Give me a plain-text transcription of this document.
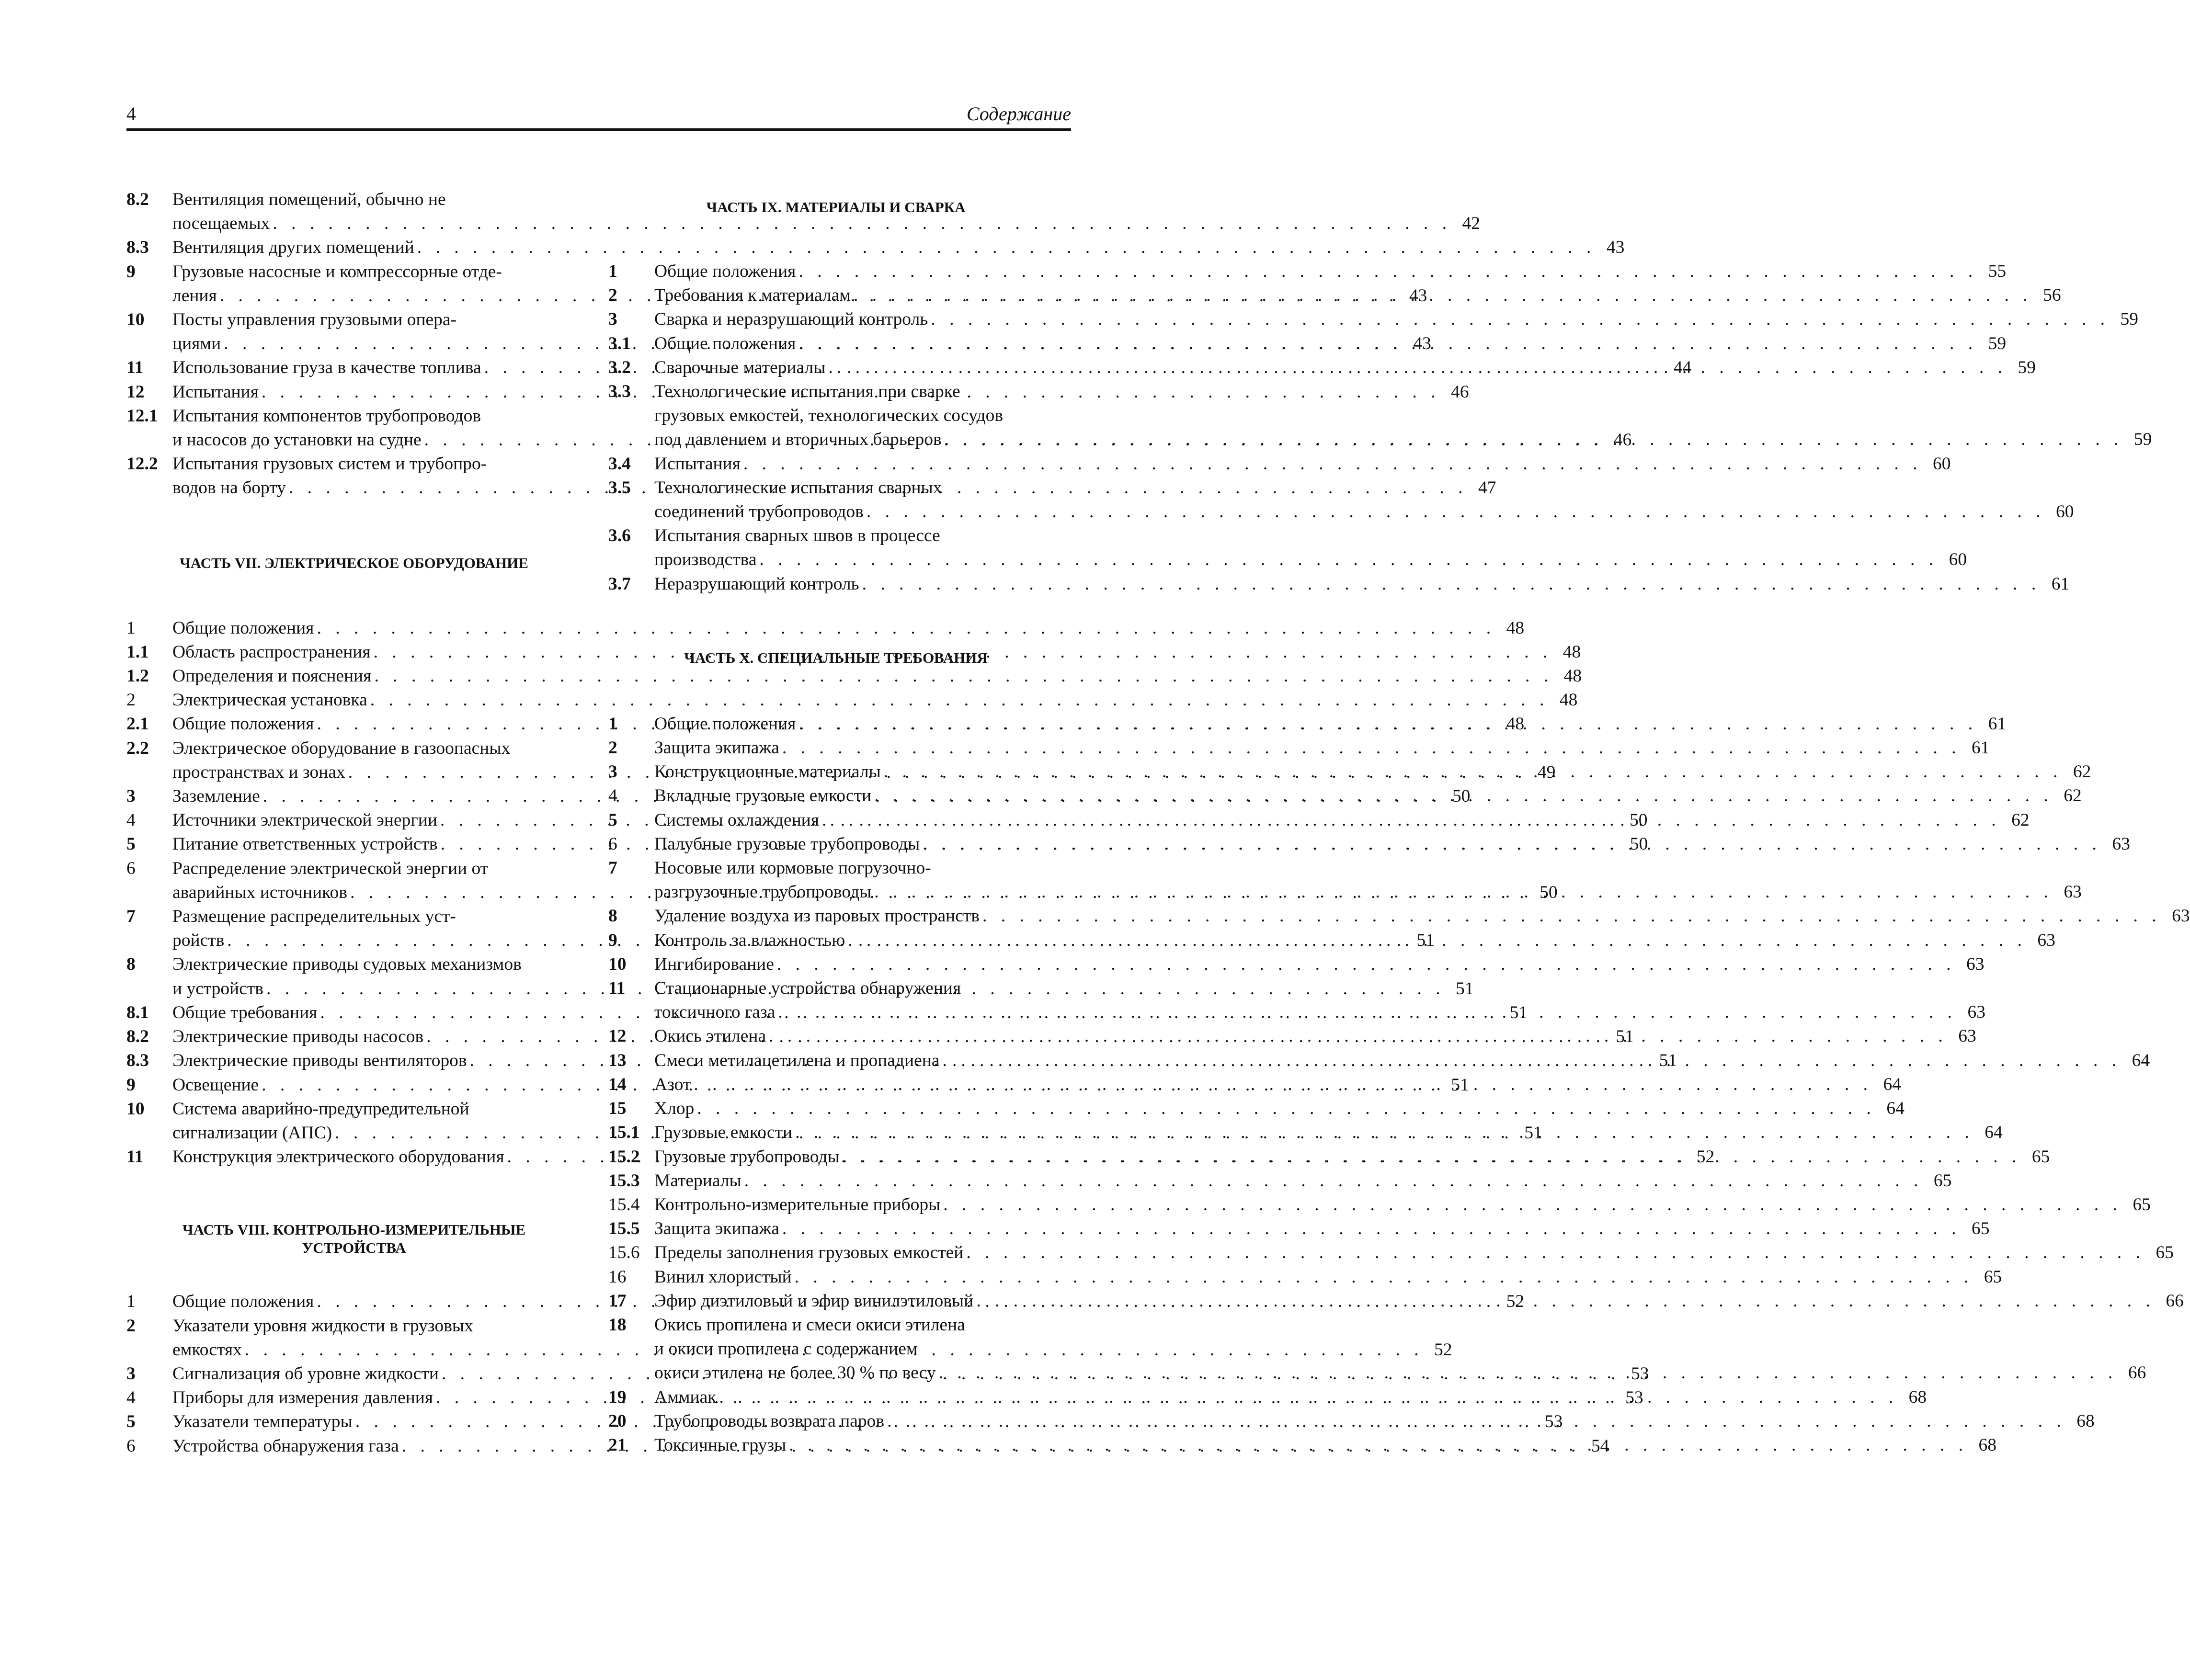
4	Содержание
8.2	Вентиляция помещений, обычно не
посещаемых . . .	42
8.3	Вентиляция других помещений . . .	43
9	Грузовые насосные и компрессорные отде-
ления . . .	43
10	Посты управления грузовыми опера-
циями . . .	43
11	Использование груза в качестве топлива . . .	44
12	Испытания . . .	46
12.1 Испытания компонентов трубопроводов
и насосов до установки на судне . . .	46
12.2 Испытания грузовых систем и трубопро-
водов на борту . . .	47

ЧАСТЬ VII. ЭЛЕКТРИЧЕСКОЕ ОБОРУДОВАНИЕ

1	Общие положения . . .	48
1.1	Область распространения . . .	48
1.2	Определения и пояснения . . .	48
2	Электрическая установка . . .	48
2.1	Общие положения . . .	48
2.2	Электрическое оборудование в газоопасных
пространствах и зонах . . .	49
3	Заземление . . .	50
4	Источники электрической энергии . . .	50
5	Питание ответственных устройств . . .	50
6	Распределение электрической энергии от
аварийных источников . . .	50
7	Размещение распределительных уст-
ройств . . .	51
8	Электрические приводы судовых механизмов
и устройств . . .	51
8.1	Общие требования . . .	51
8.2	Электрические приводы насосов . . .	51
8.3	Электрические приводы вентиляторов . . .	51
9	Освещение . . .	51
10	Система аварийно-предупредительной
сигнализации (АПС) . . .	51
11	Конструкция электрического оборудования . . .	52

ЧАСТЬ VIII. КОНТРОЛЬНО-ИЗМЕРИТЕЛЬНЫЕ

УСТРОЙСТВА

1	Общие положения . . .	52
2	Указатели уровня жидкости в грузовых
емкостях . . .	52
3	Сигнализация об уровне жидкости . . .	53
4	Приборы для измерения давления . . .	53
5	Указатели температуры . . .	53
6	Устройства обнаружения газа . . .	54

ЧАСТЬ IX. МАТЕРИАЛЫ И СВАРКА

1	Общие положения . . .	55
2	Требования к материалам . . .	56
3	Сварка и неразрушающий контроль . . .	59
3.1	Общие положения . . .	59
3.2	Сварочные материалы . . .	59
3.3	Технологические испытания при сварке
грузовых емкостей, технологических сосудов
под давлением и вторичных барьеров . . .	59
3.4	Испытания . . .	60
3.5	Технологические испытания сварных
соединений трубопроводов . . .	60
3.6	Испытания сварных швов в процессе
производства . . .	60
3.7	Неразрушающий контроль . . .	61

ЧАСТЬ X. СПЕЦИАЛЬНЫЕ ТРЕБОВАНИЯ

1	Общие положения . . .	61
2	Защита экипажа . . .	61
3	Конструкционные материалы . . .	62
4	Вкладные грузовые емкости . . .	62
5	Системы охлаждения . . .	62
6	Палубные грузовые трубопроводы . . .	63
7	Носовые или кормовые погрузочно-
разгрузочные трубопроводы . . .	63
8	Удаление воздуха из паровых пространств . . .	63
9	Контроль за влажностью . . .	63
10	Ингибирование . . .	63
11	Стационарные устройства обнаружения
токсичного газа . . .	63
12	Окись этилена . . .	63
13	Смеси метилацетилена и пропадиена . . .	64
14	Азот . . .	64
15	Хлор . . .	64
15.1 Грузовые емкости . . .	64
15.2 Грузовые трубопроводы . . .	65
15.3 Материалы . . .	65
15.4 Контрольно-измерительные приборы . . .	65
15.5 Защита экипажа . . .	65
15.6 Пределы заполнения грузовых емкостей . . .	65
16	Винил хлористый . . .	65
17	Эфир диэтиловый и эфир винилэтиловый . . .	66
18	Окись пропилена и смеси окиси этилена
и окиси пропилена с содержанием
окиси этилена не более 30 % по весу . . .	66
19	Аммиак . . .	68
20	Трубопроводы возврата паров . . .	68
21	Токсичные грузы . . .	68
